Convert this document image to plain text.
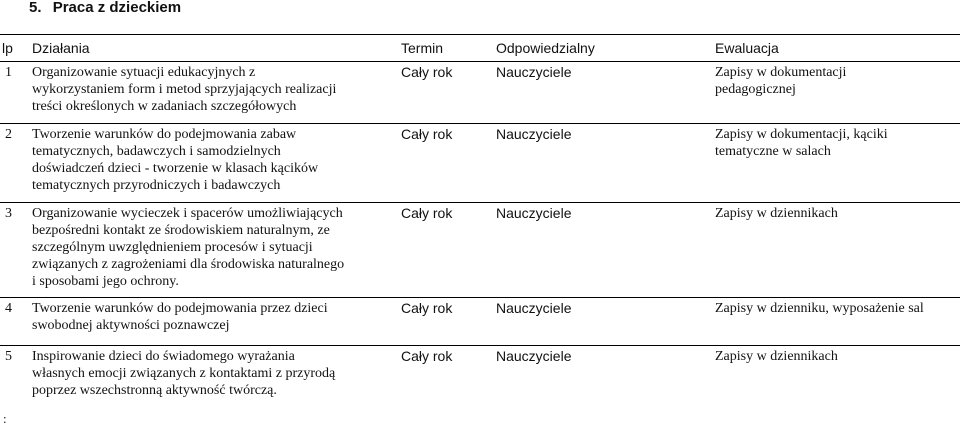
5. Praca z dzieckiem
lp	Działania	Termin	Odpowiedzialny	Ewaluacja
1	Organizowanie sytuacji edukacyjnych z
wykorzystaniem form i metod sprzyjających realizacji
treści określonych w zadaniach szczegółowych	Cały rok	Nauczyciele	Zapisy w dokumentacji
pedagogicznej

2	Tworzenie warunków do podejmowania zabaw
tematycznych, badawczych i samodzielnych
doświadczeń dzieci - tworzenie w klasach kącików
tematycznych przyrodniczych i badawczych	Cały rok	Nauczyciele	Zapisy w dokumentacji, kąciki
tematyczne w salach

3	Organizowanie wycieczek i spacerów umożliwiających
bezpośredni kontakt ze środowiskiem naturalnym, ze
szczególnym uwzględnieniem procesów i sytuacji
związanych z zagrożeniami dla środowiska naturalnego
i sposobami jego ochrony.	Cały rok	Nauczyciele	Zapisy w dziennikach

4	Tworzenie warunków do podejmowania przez dzieci
swobodnej aktywności poznawczej	Cały rok	Nauczyciele	Zapisy w dzienniku, wyposażenie sal

5	Inspirowanie dzieci do świadomego wyrażania
własnych emocji związanych z kontaktami z przyrodą
poprzez wszechstronną aktywność twórczą.	Cały rok	Nauczyciele	Zapisy w dziennikach
:
